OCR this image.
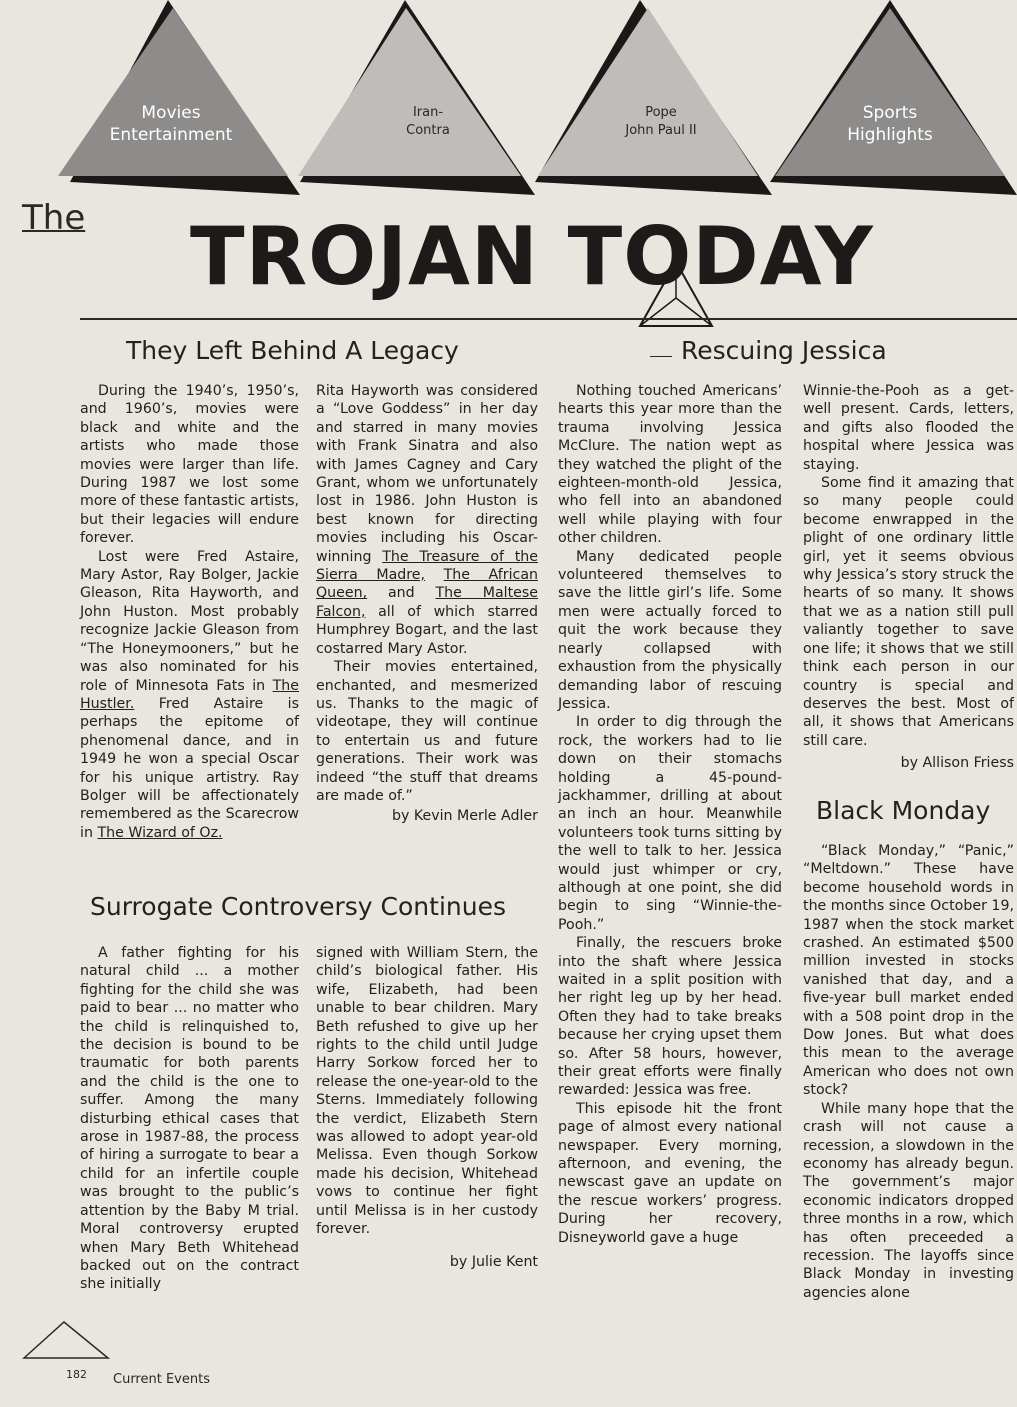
Movies
Entertainment
Iran-
Contra
Pope
John Paul II
Sports
Highlights
The TROJAN TODAY
They Left Behind A Legacy

During the 1940’s, 1950’s, and 1960’s, movies were black and white and the artists who made those movies were larger than life. During 1987 we lost some more of these fantastic artists, but their legacies will endure forever.

Lost were Fred Astaire, Mary Astor, Ray Bolger, Jackie Gleason, Rita Hayworth, and John Huston. Most probably recognize Jackie Gleason from “The Honeymooners,” but he was also nominated for his role of Minnesota Fats in The Hustler. Fred Astaire is perhaps the epitome of phenomenal dance, and in 1949 he won a special Oscar for his unique artistry. Ray Bolger will be affectionately remembered as the Scarecrow in The Wizard of Oz.

Rita Hayworth was considered a “Love Goddess” in her day and starred in many movies with Frank Sinatra and also with James Cagney and Cary Grant, whom we unfortunately lost in 1986. John Huston is best known for directing movies including his Oscar-winning The Treasure of the Sierra Madre, The African Queen, and The Maltese Falcon, all of which starred Humphrey Bogart, and the last costarred Mary Astor.

Their movies entertained, enchanted, and mesmerized us. Thanks to the magic of videotape, they will continue to entertain us and future generations. Their work was indeed “the stuff that dreams are made of.”

by Kevin Merle Adler

Surrogate Controversy Continues

A father fighting for his natural child ... a mother fighting for the child she was paid to bear ... no matter who the child is relinquished to, the decision is bound to be traumatic for both parents and the child is the one to suffer. Among the many disturbing ethical cases that arose in 1987-88, the process of hiring a surrogate to bear a child for an infertile couple was brought to the public’s attention by the Baby M trial. Moral controversy erupted when Mary Beth Whitehead backed out on the contract she initially

signed with William Stern, the child’s biological father. His wife, Elizabeth, had been unable to bear children. Mary Beth refushed to give up her rights to the child until Judge Harry Sorkow forced her to release the one-year-old to the Sterns. Immediately following the verdict, Elizabeth Stern was allowed to adopt year-old Melissa. Even though Sorkow made his decision, Whitehead vows to continue her fight until Melissa is in her custody forever.

by Julie Kent

Rescuing Jessica

Nothing touched Americans’ hearts this year more than the trauma involving Jessica McClure. The nation wept as they watched the plight of the eighteen-month-old Jessica, who fell into an abandoned well while playing with four other children.

Many dedicated people volunteered themselves to save the little girl’s life. Some men were actually forced to quit the work because they nearly collapsed with exhaustion from the physically demanding labor of rescuing Jessica.

In order to dig through the rock, the workers had to lie down on their stomachs holding a 45-pound-jackhammer, drilling at about an inch an hour. Meanwhile volunteers took turns sitting by the well to talk to her. Jessica would just whimper or cry, although at one point, she did begin to sing “Winnie-the-Pooh.”

Finally, the rescuers broke into the shaft where Jessica waited in a split position with her right leg up by her head. Often they had to take breaks because her crying upset them so. After 58 hours, however, their great efforts were finally rewarded: Jessica was free.

This episode hit the front page of almost every national newspaper. Every morning, afternoon, and evening, the newscast gave an update on the rescue workers’ progress. During her recovery, Disneyworld gave a huge

Winnie-the-Pooh as a get-well present. Cards, letters, and gifts also flooded the hospital where Jessica was staying.

Some find it amazing that so many people could become enwrapped in the plight of one ordinary little girl, yet it seems obvious why Jessica’s story struck the hearts of so many. It shows that we as a nation still pull valiantly together to save one life; it shows that we still think each person in our country is special and deserves the best. Most of all, it shows that Americans still care.

by Allison Friess

Black Monday

“Black Monday,” “Panic,” “Meltdown.” These have become household words in the months since October 19, 1987 when the stock market crashed. An estimated $500 million invested in stocks vanished that day, and a five-year bull market ended with a 508 point drop in the Dow Jones. But what does this mean to the average American who does not own stock?

While many hope that the crash will not cause a recession, a slowdown in the economy has already begun. The government’s major economic indicators dropped three months in a row, which has often preceeded a recession. The layoffs since Black Monday in investing agencies alone

182 Current Events
